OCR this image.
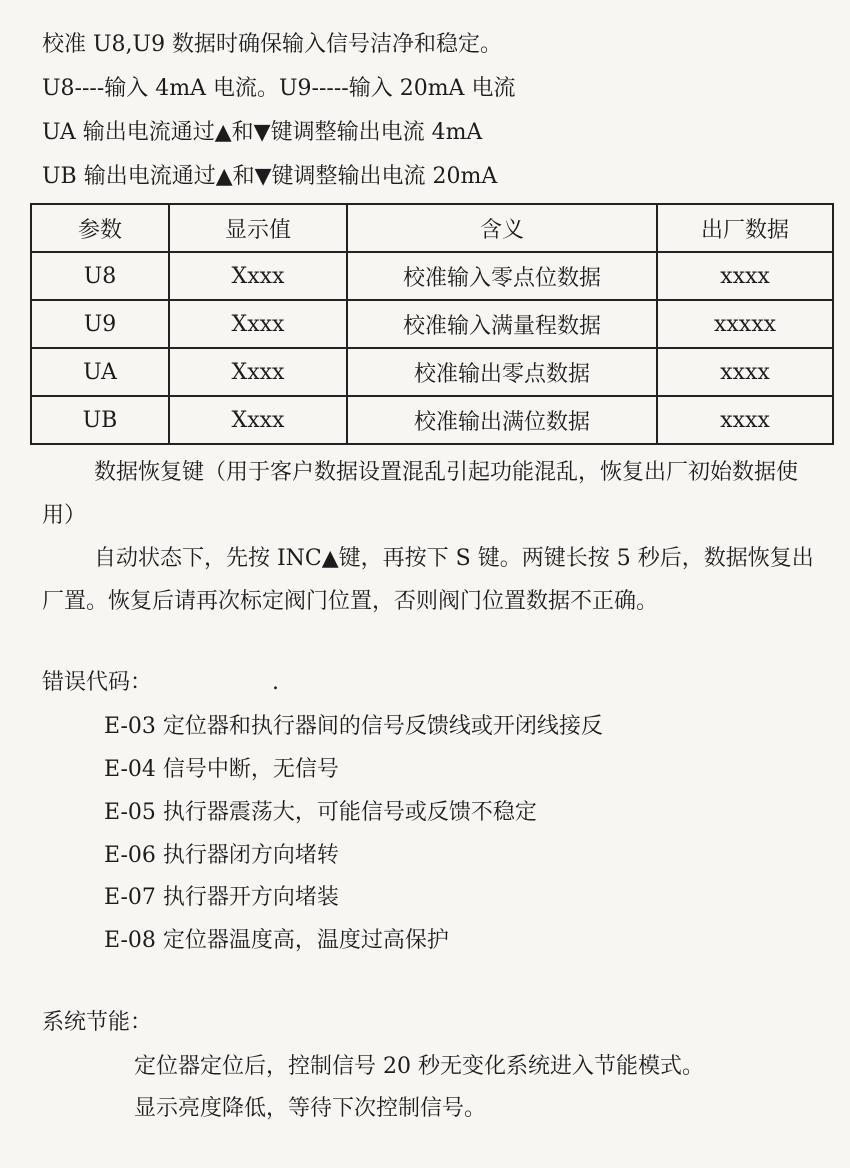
校准 U8,U9 数据时确保输入信号洁净和稳定。
U8----输入 4mA 电流。U9-----输入 20mA 电流
UA 输出电流通过▲和▼键调整输出电流 4mA
UB 输出电流通过▲和▼键调整输出电流 20mA
参数	显示值	含义	出厂数据
U8	Xxxx	校准输入零点位数据	xxxx
U9	Xxxx	校准输入满量程数据	xxxxx
UA	Xxxx	校准输出零点数据	xxxx
UB	Xxxx	校准输出满位数据	xxxx
数据恢复键（用于客户数据设置混乱引起功能混乱，恢复出厂初始数据使用）
自动状态下，先按 INC▲键，再按下 S 键。两键长按 5 秒后，数据恢复出厂置。恢复后请再次标定阀门位置，否则阀门位置数据不正确。
错误代码：	.
E-03 定位器和执行器间的信号反馈线或开闭线接反
E-04 信号中断，无信号
E-05 执行器震荡大，可能信号或反馈不稳定
E-06 执行器闭方向堵转
E-07 执行器开方向堵装
E-08 定位器温度高，温度过高保护
系统节能：
定位器定位后，控制信号 20 秒无变化系统进入节能模式。
显示亮度降低，等待下次控制信号。
